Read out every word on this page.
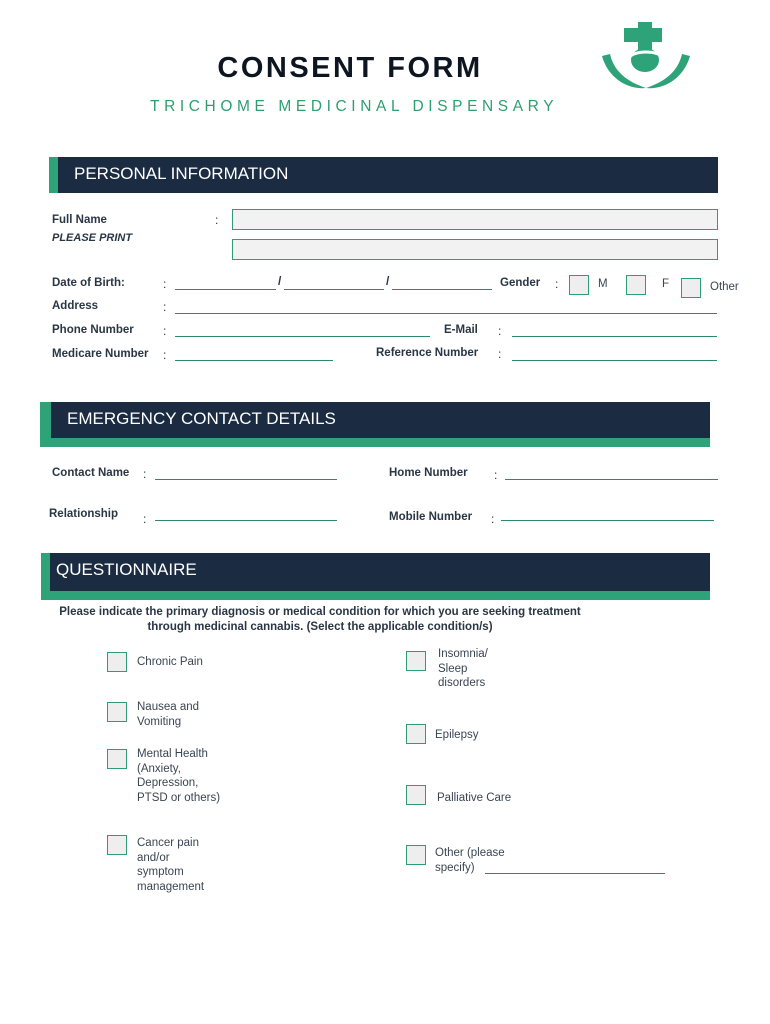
CONSENT FORM
TRICHOME MEDICINAL DISPENSARY
PERSONAL INFORMATION
Full Name
PLEASE PRINT
:
Date of Birth:	:	/	/	Gender :	M	F	Other
Address	:
Phone Number :	E-Mail :
Medicare Number :	Reference Number :
EMERGENCY CONTACT DETAILS
Contact Name :	Home Number :
Relationship :	Mobile Number :
QUESTIONNAIRE
Please indicate the primary diagnosis or medical condition for which you are seeking treatment
through medicinal cannabis. (Select the applicable condition/s)
Chronic Pain
Nausea and Vomiting
Mental Health (Anxiety, Depression, PTSD or others)
Cancer pain and/or symptom management
Insomnia/ Sleep disorders
Epilepsy
Palliative Care
Other (please specify)
